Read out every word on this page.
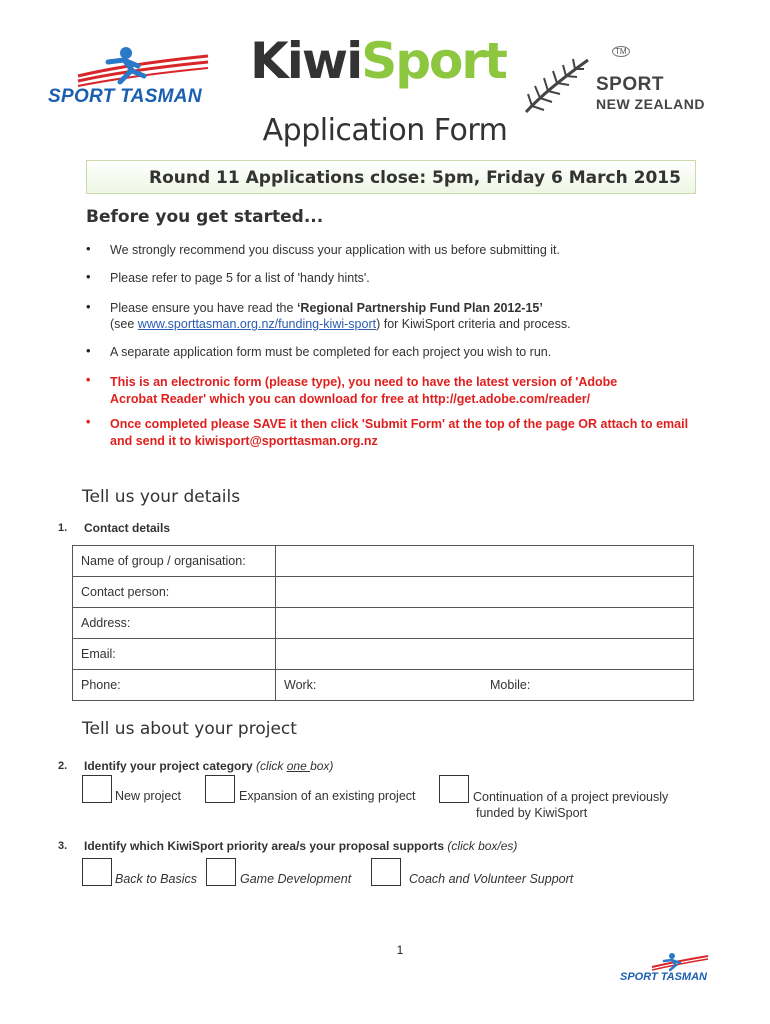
SPORT TASMAN
KiwiSport	TM
SPORT
NEW ZEALAND
Application Form
Round 11 Applications close: 5pm, Friday 6 March 2015
Before you get started...
• We strongly recommend you discuss your application with us before submitting it.
• Please refer to page 5 for a list of 'handy hints'.
• Please ensure you have read the ‘Regional Partnership Fund Plan 2012-15’
(see www.sporttasman.org.nz/funding-kiwi-sport) for KiwiSport criteria and process.
• A separate application form must be completed for each project you wish to run.
• This is an electronic form (please type), you need to have the latest version of 'Adobe
Acrobat Reader' which you can download for free at http://get.adobe.com/reader/
• Once completed please SAVE it then click 'Submit Form' at the top of the page OR attach to email
and send it to kiwisport@sporttasman.org.nz
Tell us your details
1. Contact details
Name of group / organisation:		
Contact person:		
Address:		
Email:		
Phone:	Work:	Mobile:
Tell us about your project
2. Identify your project category (click one box)
New project	Expansion of an existing project	Continuation of a project previously
funded by KiwiSport
3. Identify which KiwiSport priority area/s your proposal supports (click box/es)
Back to Basics	Game Development	Coach and Volunteer Support
1
SPORT TASMAN
